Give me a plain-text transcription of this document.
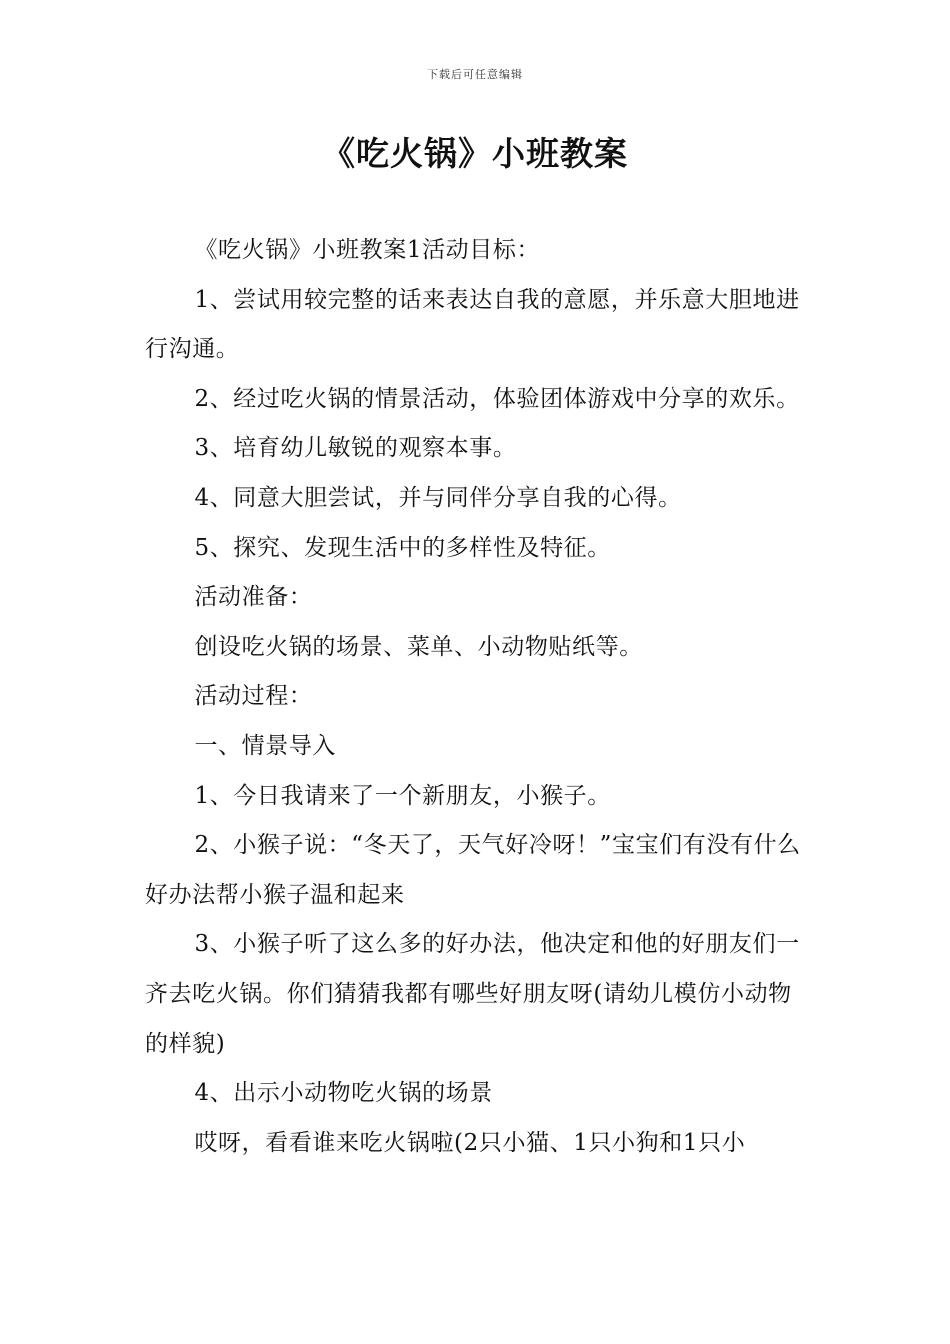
下载后可任意编辑
《吃火锅》小班教案

《吃火锅》小班教案1活动目标：

1、尝试用较完整的话来表达自我的意愿，并乐意大胆地进行沟通。

2、经过吃火锅的情景活动，体验团体游戏中分享的欢乐。

3、培育幼儿敏锐的观察本事。

4、同意大胆尝试，并与同伴分享自我的心得。

5、探究、发现生活中的多样性及特征。

活动准备：

创设吃火锅的场景、菜单、小动物贴纸等。

活动过程：

一、情景导入

1、今日我请来了一个新朋友，小猴子。

2、小猴子说：“冬天了，天气好冷呀！”宝宝们有没有什么好办法帮小猴子温和起来

3、小猴子听了这么多的好办法，他决定和他的好朋友们一齐去吃火锅。你们猜猜我都有哪些好朋友呀(请幼儿模仿小动物的样貌)

4、出示小动物吃火锅的场景

哎呀，看看谁来吃火锅啦(2只小猫、1只小狗和1只小
